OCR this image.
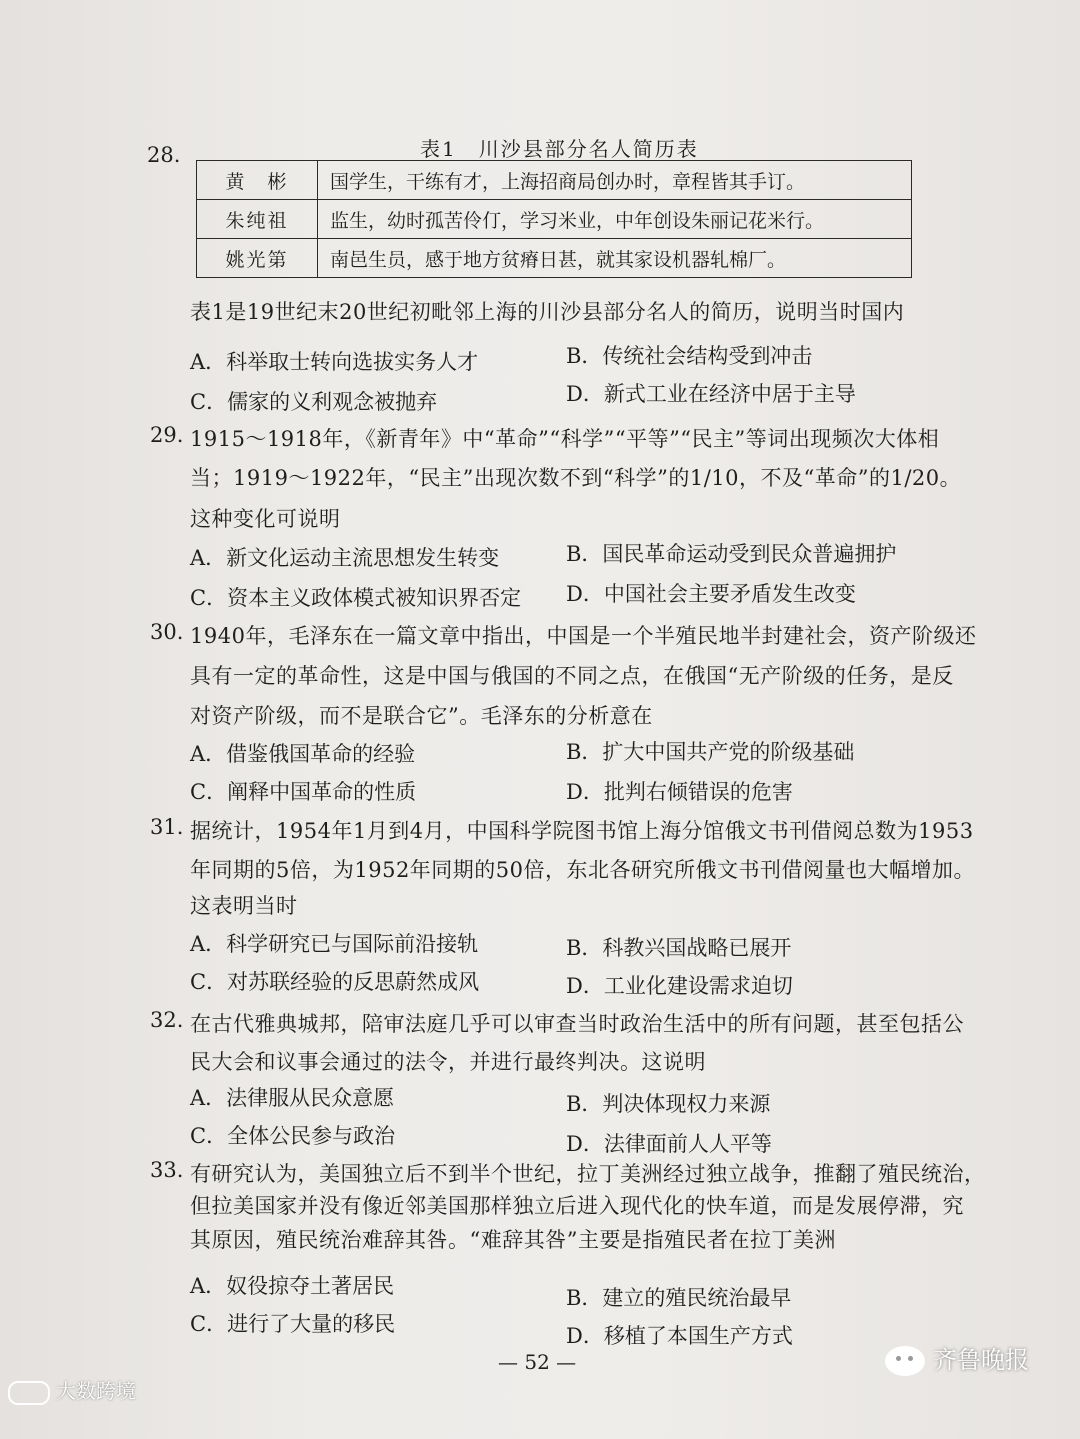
28.	表1　川沙县部分名人简历表
黄　彬	国学生，干练有才，上海招商局创办时，章程皆其手订。
朱纯祖	监生，幼时孤苦伶仃，学习米业，中年创设朱丽记花米行。
姚光第	南邑生员，感于地方贫瘠日甚，就其家设机器轧棉厂。
表1是19世纪末20世纪初毗邻上海的川沙县部分名人的简历，说明当时国内
A．科举取士转向选拔实务人才	B．传统社会结构受到冲击
C．儒家的义利观念被抛弃	D．新式工业在经济中居于主导
29. 1915～1918年，《新青年》中“革命”“科学”“平等”“民主”等词出现频次大体相
当；1919～1922年，“民主”出现次数不到“科学”的1/10，不及“革命”的1/20。
这种变化可说明
A．新文化运动主流思想发生转变	B．国民革命运动受到民众普遍拥护
C．资本主义政体模式被知识界否定 D．中国社会主要矛盾发生改变
30. 1940年，毛泽东在一篇文章中指出，中国是一个半殖民地半封建社会，资产阶级还
具有一定的革命性，这是中国与俄国的不同之点，在俄国“无产阶级的任务，是反
对资产阶级，而不是联合它”。毛泽东的分析意在
A．借鉴俄国革命的经验	B．扩大中国共产党的阶级基础
C．阐释中国革命的性质	D．批判右倾错误的危害
31. 据统计，1954年1月到4月，中国科学院图书馆上海分馆俄文书刊借阅总数为1953
年同期的5倍，为1952年同期的50倍，东北各研究所俄文书刊借阅量也大幅增加。
这表明当时
A．科学研究已与国际前沿接轨	B．科教兴国战略已展开
C．对苏联经验的反思蔚然成风	D．工业化建设需求迫切
32. 在古代雅典城邦，陪审法庭几乎可以审查当时政治生活中的所有问题，甚至包括公
民大会和议事会通过的法令，并进行最终判决。这说明
A．法律服从民众意愿	B．判决体现权力来源
C．全体公民参与政治	D．法律面前人人平等
33. 有研究认为，美国独立后不到半个世纪，拉丁美洲经过独立战争，推翻了殖民统治，
但拉美国家并没有像近邻美国那样独立后进入现代化的快车道，而是发展停滞，究
其原因，殖民统治难辞其咎。“难辞其咎”主要是指殖民者在拉丁美洲
A．奴役掠夺土著居民	B．建立的殖民统治最早
C．进行了大量的移民	D．移植了本国生产方式
— 52 —
大数跨境
齐鲁晚报
